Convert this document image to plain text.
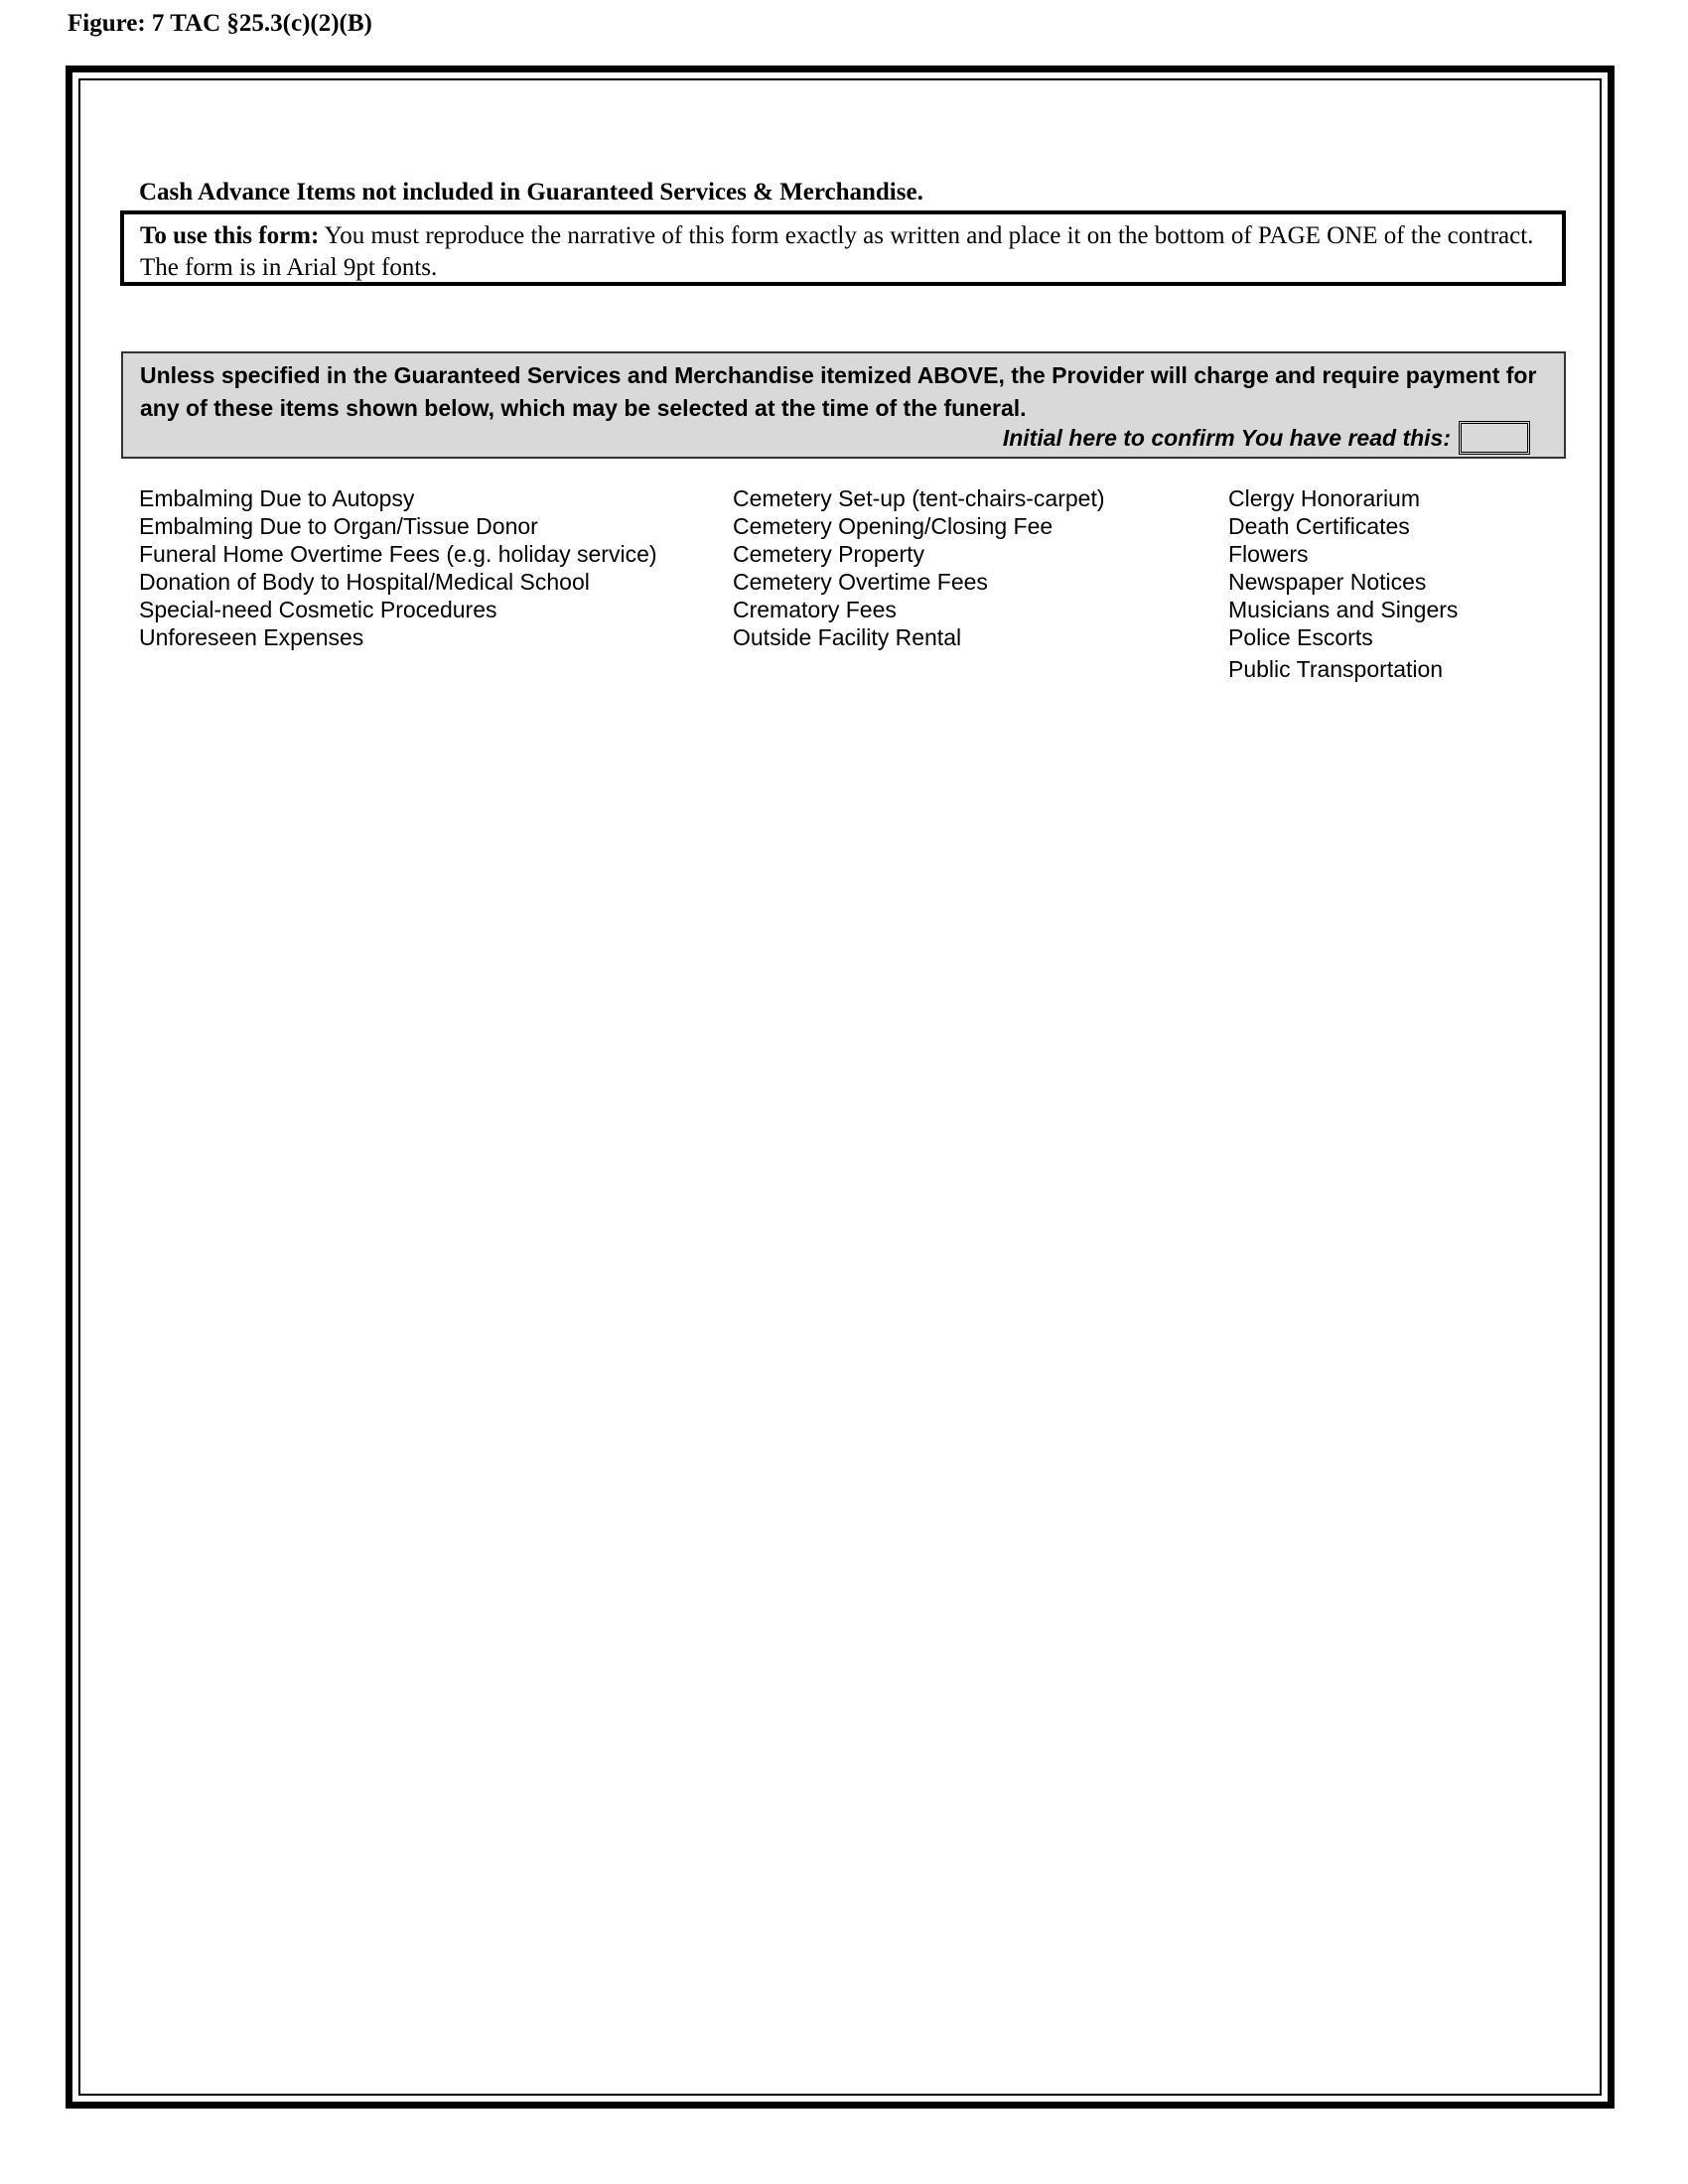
Figure: 7 TAC §25.3(c)(2)(B)
Cash Advance Items not included in Guaranteed Services & Merchandise.
To use this form: You must reproduce the narrative of this form exactly as written and place it on the bottom of PAGE ONE of the contract. The form is in Arial 9pt fonts.
Unless specified in the Guaranteed Services and Merchandise itemized ABOVE, the Provider will charge and require payment for any of these items shown below, which may be selected at the time of the funeral.
Initial here to confirm You have read this:
Embalming Due to Autopsy
Embalming Due to Organ/Tissue Donor
Funeral Home Overtime Fees (e.g. holiday service)
Donation of Body to Hospital/Medical School
Special-need Cosmetic Procedures
Unforeseen Expenses
Cemetery Set-up (tent-chairs-carpet)
Cemetery Opening/Closing Fee
Cemetery Property
Cemetery Overtime Fees
Crematory Fees
Outside Facility Rental
Clergy Honorarium
Death Certificates
Flowers
Newspaper Notices
Musicians and Singers
Police Escorts
Public Transportation
